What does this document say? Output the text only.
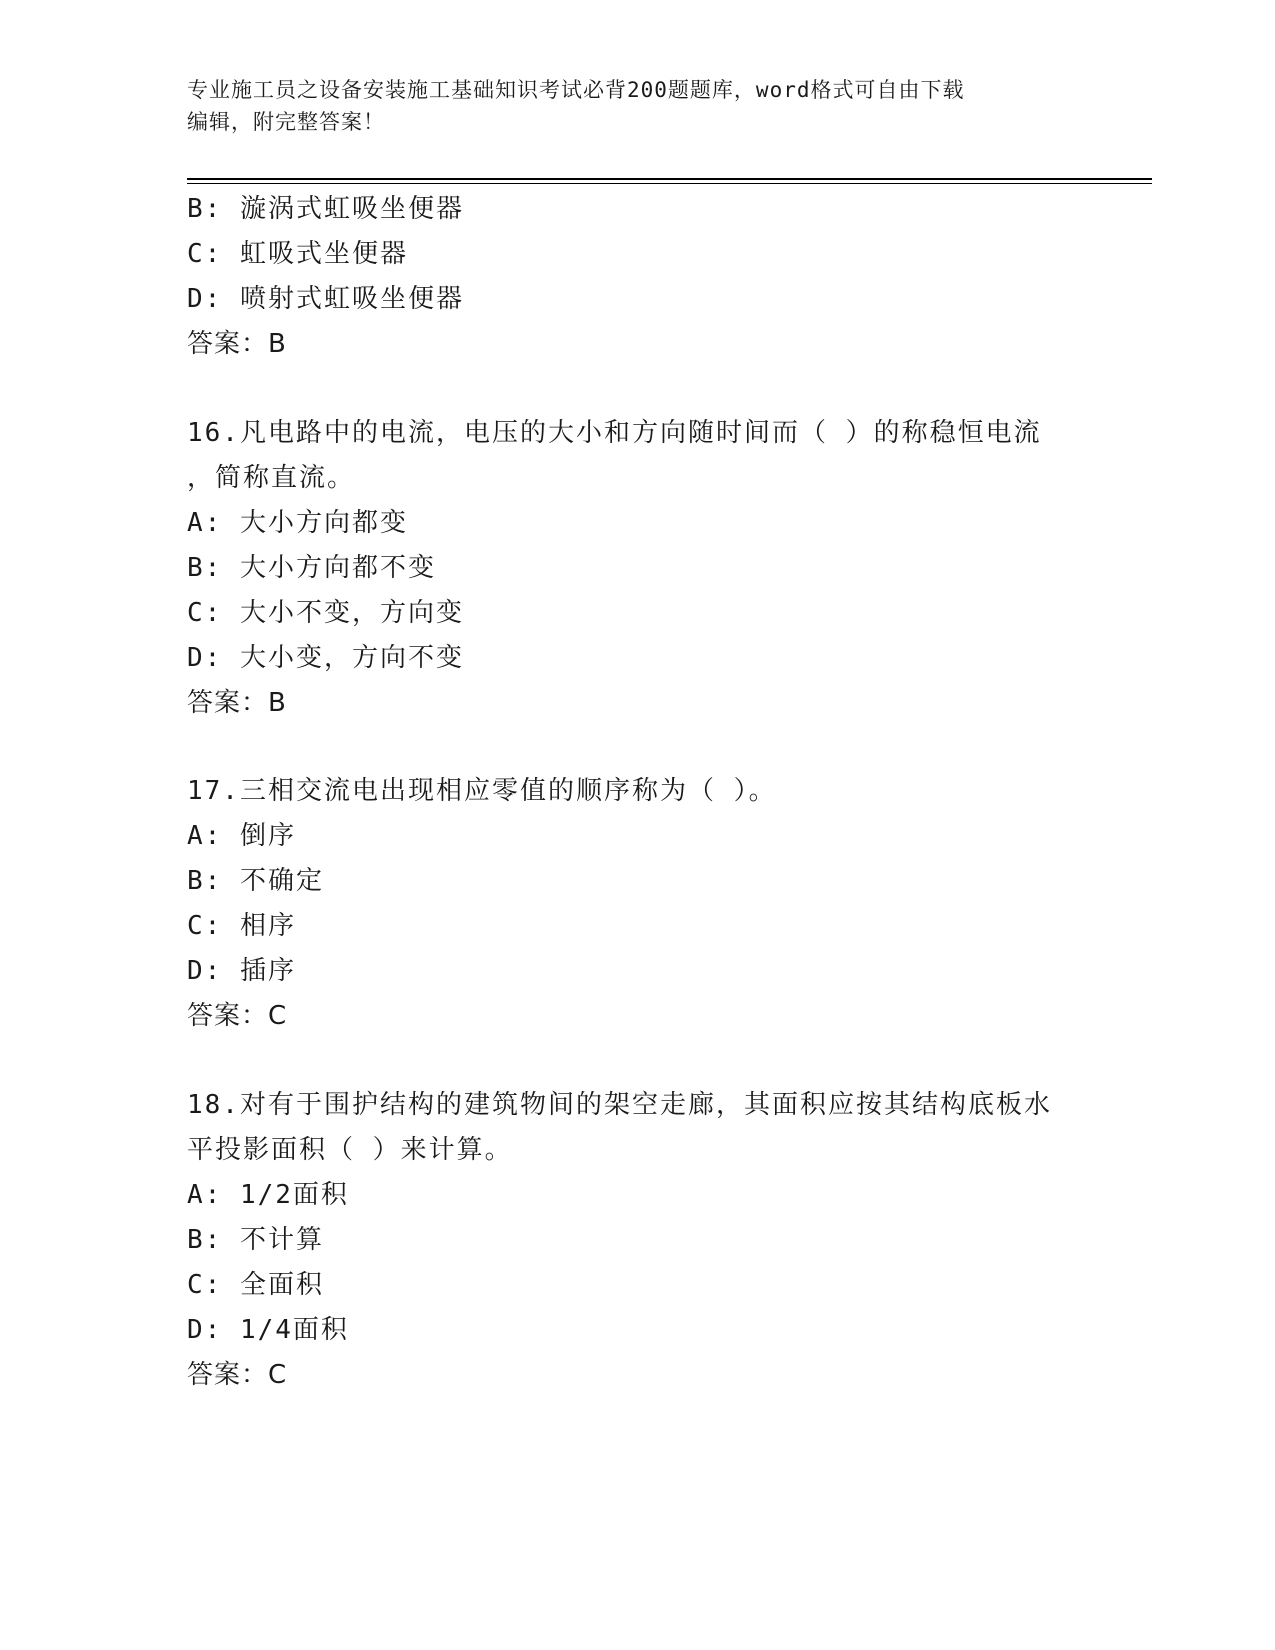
专业施工员之设备安装施工基础知识考试必背200题题库，word格式可自由下载
编辑，附完整答案！
B: 漩涡式虹吸坐便器
C: 虹吸式坐便器
D: 喷射式虹吸坐便器
答案：B
16.凡电路中的电流，电压的大小和方向随时间而（ ）的称稳恒电流
，简称直流。
A: 大小方向都变
B: 大小方向都不变
C: 大小不变，方向变
D: 大小变，方向不变
答案：B
17.三相交流电出现相应零值的顺序称为（ ）。
A: 倒序
B: 不确定
C: 相序
D: 插序
答案：C
18.对有于围护结构的建筑物间的架空走廊，其面积应按其结构底板水
平投影面积（ ）来计算。
A: 1/2面积
B: 不计算
C: 全面积
D: 1/4面积
答案：C
